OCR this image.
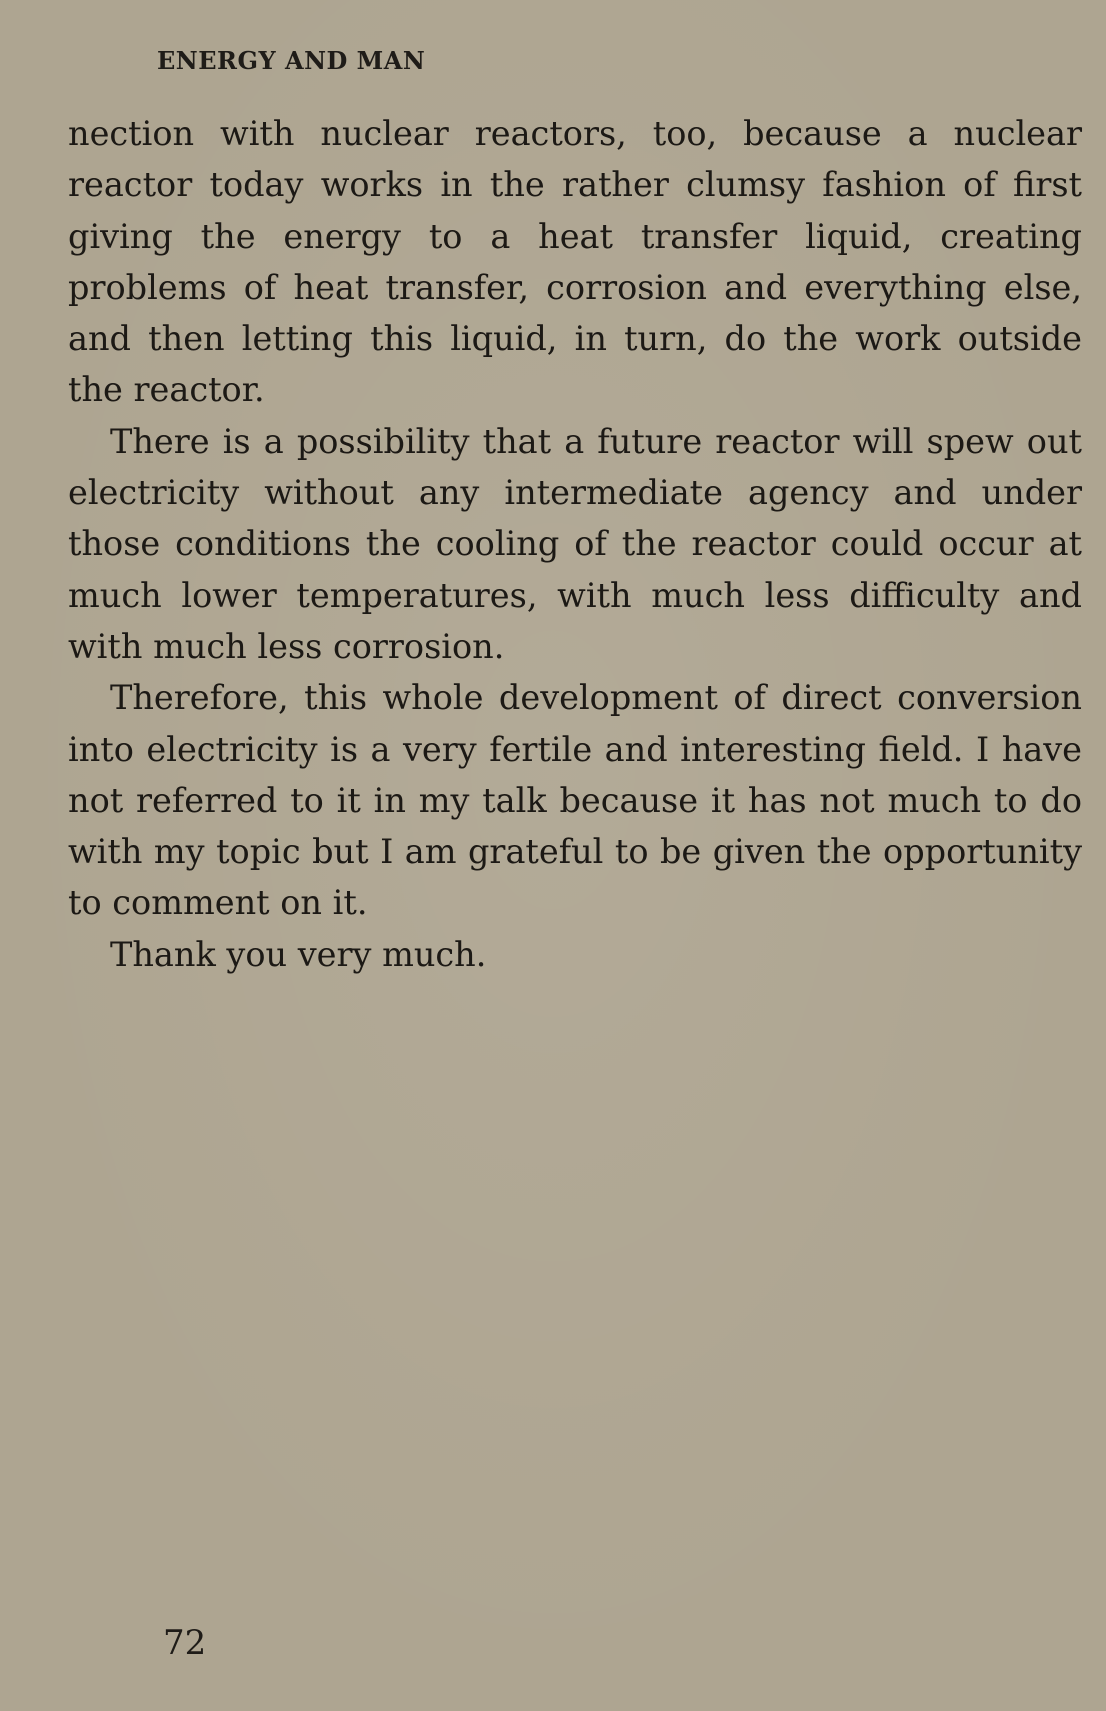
ENERGY AND MAN

nection with nuclear reactors, too, because a nuclear reactor today works in the rather clumsy fashion of first giving the energy to a heat transfer liquid, creating problems of heat transfer, corrosion and everything else, and then letting this liquid, in turn, do the work outside the reactor.

There is a possibility that a future reactor will spew out electricity without any intermediate agency and under those conditions the cooling of the reactor could occur at much lower temperatures, with much less difficulty and with much less corrosion.

Therefore, this whole development of direct conversion into electricity is a very fertile and interesting field. I have not referred to it in my talk because it has not much to do with my topic but I am grateful to be given the opportunity to comment on it.

Thank you very much.

72
